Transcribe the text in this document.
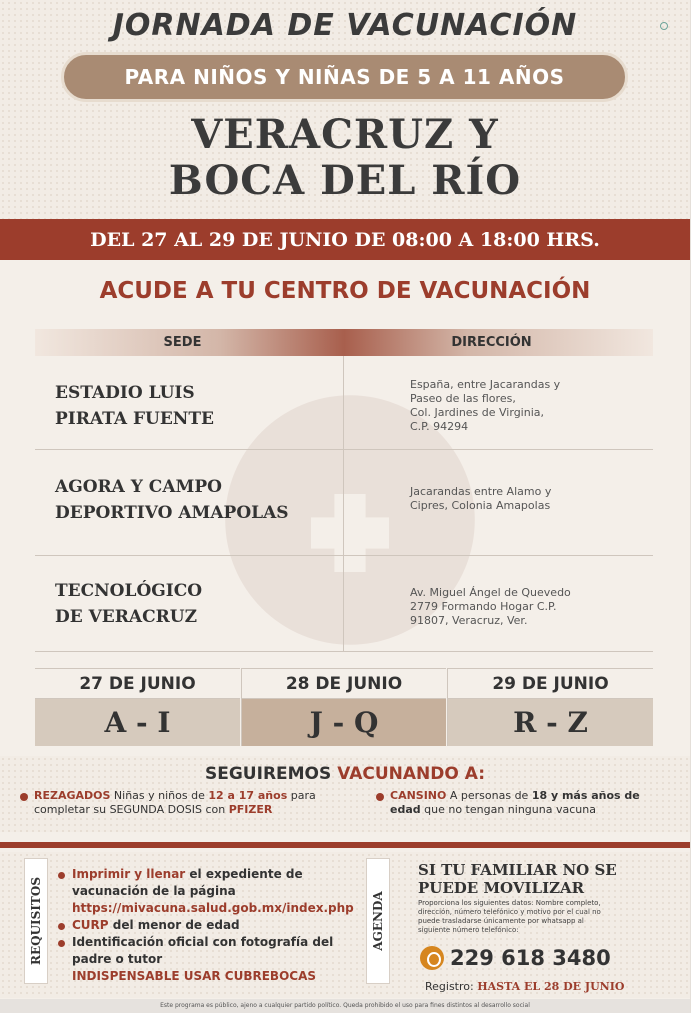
JORNADA DE VACUNACIÓN
PARA NIÑOS Y NIÑAS DE 5 A 11 AÑOS
VERACRUZ Y
BOCA DEL RÍO
DEL 27 AL 29 DE JUNIO DE 08:00 A 18:00 HRS.
ACUDE A TU CENTRO DE VACUNACIÓN
SEDE	DIRECCIÓN
ESTADIO LUIS
PIRATA FUENTE
España, entre Jacarandas y
Paseo de las flores,
Col. Jardines de Virginia,
C.P. 94294
AGORA Y CAMPO
DEPORTIVO AMAPOLAS
Jacarandas entre Alamo y
Cipres, Colonia Amapolas
TECNOLÓGICO
DE VERACRUZ
Av. Miguel Ángel de Quevedo
2779 Formando Hogar C.P.
91807, Veracruz, Ver.
27 DE JUNIO
A - I
28 DE JUNIO
J - Q
29 DE JUNIO
R - Z
SEGUIREMOS VACUNANDO A:
REZAGADOS Niñas y niños de 12 a 17 años para
completar su SEGUNDA DOSIS con PFIZER
CANSINO A personas de 18 y más años de
edad que no tengan ninguna vacuna
REQUISITOS
Imprimir y llenar el expediente de
vacunación de la página
https://mivacuna.salud.gob.mx/index.php
CURP del menor de edad
Identificación oficial con fotografía del
padre o tutor
INDISPENSABLE USAR CUBREBOCAS
AGENDA
SI TU FAMILIAR NO SE
PUEDE MOVILIZAR
Proporciona los siguientes datos: Nombre completo,
dirección, número telefónico y motivo por el cual no
puede trasladarse únicamente por whatsapp al
siguiente número telefónico:
229 618 3480
Registro: HASTA EL 28 DE JUNIO
Este programa es público, ajeno a cualquier partido político. Queda prohibido el uso para fines distintos al desarrollo social
